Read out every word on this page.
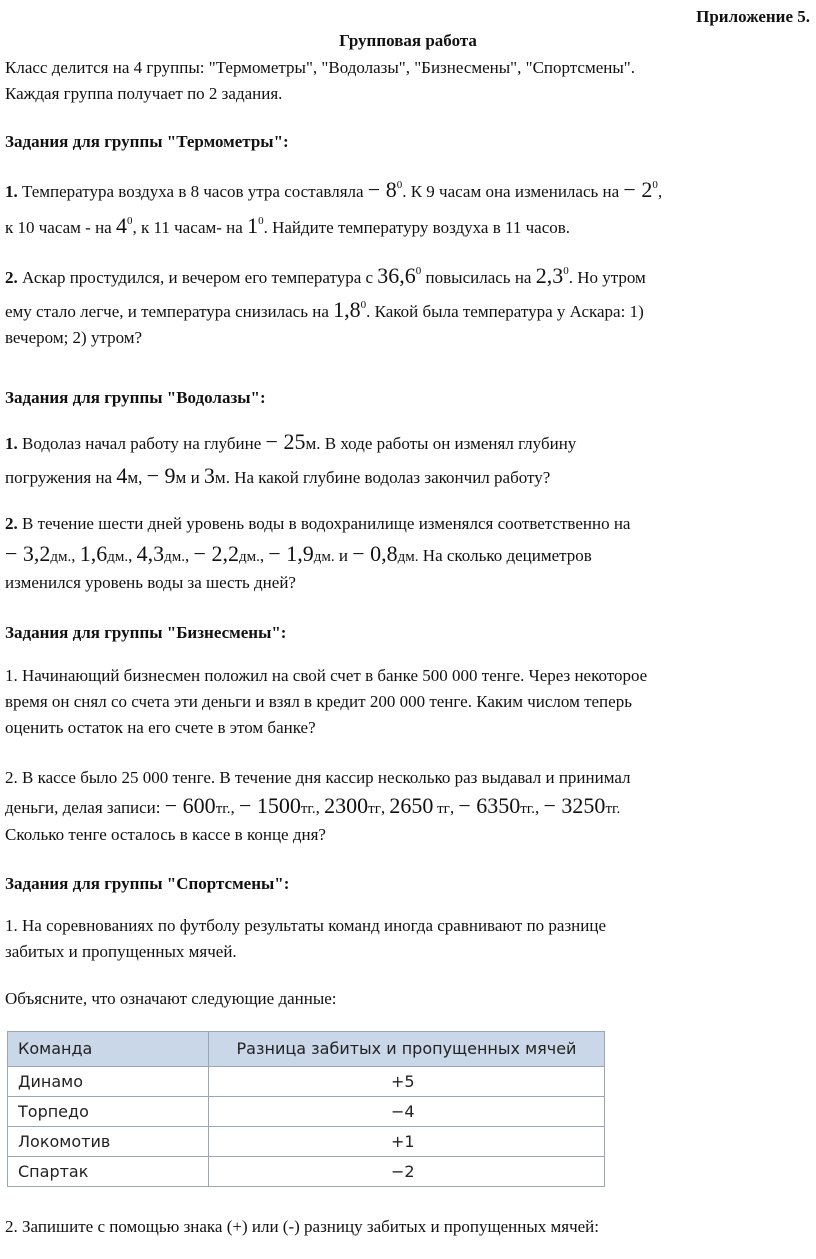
Приложение 5.
Групповая работа
Класс делится на 4 группы: "Термометры", "Водолазы", "Бизнесмены", "Спортсмены".
Каждая группа получает по 2 задания.
Задания для группы "Термометры":
1. Температура воздуха в 8 часов утра составляла − $8^0$. К 9 часам она изменилась на − $2^0$,
к 10 часам - на $4^0$, к 11 часам- на $1^0$. Найдите температуру воздуха в 11 часов.
2. Аскар простудился, и вечером его температура с 36,6$^0$ повысилась на $2,3^0$. Но утром
ему стало легче, и температура снизилась на $1,8^0$. Какой была температура у Аскара: 1)
вечером; 2) утром?
Задания для группы "Водолазы":
1. Водолаз начал работу на глубине − 25м. В ходе работы он изменял глубину
погружения на 4м, − 9м и 3м. На какой глубине водолаз закончил работу?
2. В течение шести дней уровень воды в водохранилище изменялся соответственно на
− 3,2дм., 1,6дм., 4,3дм., − 2,2дм., − 1,9дм. и − 0,8дм. На сколько дециметров
изменился уровень воды за шесть дней?
Задания для группы "Бизнесмены":
1. Начинающий бизнесмен положил на свой счет в банке 500 000 тенге. Через некоторое
время он снял со счета эти деньги и взял в кредит 200 000 тенге. Каким числом теперь
оценить остаток на его счете в этом банке?
2. В кассе было 25 000 тенге. В течение дня кассир несколько раз выдавал и принимал
деньги, делая записи: − 600тг., − 1500тг., 2300тг, 2650 тг, − 6350тг., − 3250тг.
Сколько тенге осталось в кассе в конце дня?
Задания для группы "Спортсмены":
1. На соревнованиях по футболу результаты команд иногда сравнивают по разнице
забитых и пропущенных мячей.
Объясните, что означают следующие данные:
Команда	Разница забитых и пропущенных мячей
Динамо	+5
Торпедо	−4
Локомотив	+1
Спартак	−2
2. Запишите с помощью знака (+) или (-) разницу забитых и пропущенных мячей:
